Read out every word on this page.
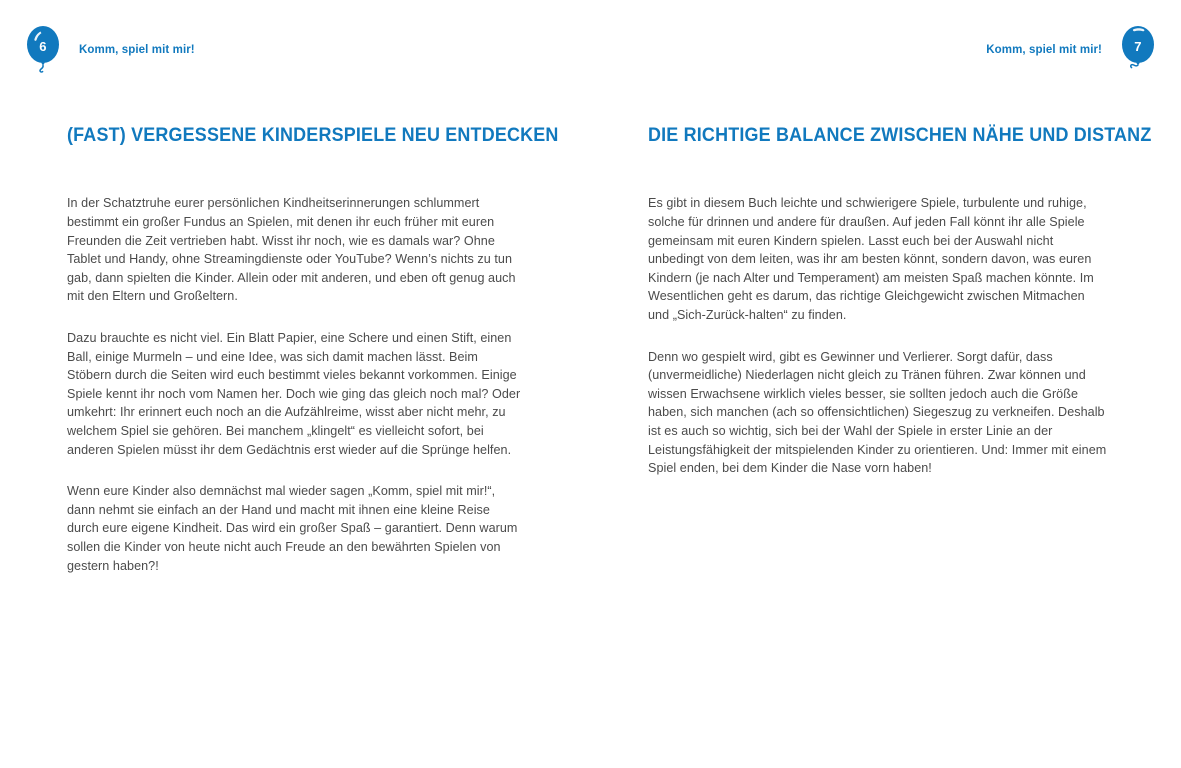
6	Komm, spiel mit mir!	Komm, spiel mit mir!	7
(FAST) VERGESSENE KINDERSPIELE NEU ENTDECKEN

In der Schatztruhe eurer persönlichen Kindheitserinnerungen schlummert bestimmt ein großer Fundus an Spielen, mit denen ihr euch früher mit euren Freunden die Zeit vertrieben habt. Wisst ihr noch, wie es damals war? Ohne Tablet und Handy, ohne Streamingdienste oder YouTube? Wenn’s nichts zu tun gab, dann spielten die Kinder. Allein oder mit anderen, und eben oft genug auch mit den Eltern und Großeltern.

Dazu brauchte es nicht viel. Ein Blatt Papier, eine Schere und einen Stift, einen Ball, einige Murmeln – und eine Idee, was sich damit machen lässt. Beim Stöbern durch die Seiten wird euch bestimmt vieles bekannt vorkommen. Einige Spiele kennt ihr noch vom Namen her. Doch wie ging das gleich noch mal? Oder umkehrt: Ihr erinnert euch noch an die Aufzählreime, wisst aber nicht mehr, zu welchem Spiel sie gehören. Bei manchem „klingelt“ es vielleicht sofort, bei anderen Spielen müsst ihr dem Gedächtnis erst wieder auf die Sprünge helfen.

Wenn eure Kinder also demnächst mal wieder sagen „Komm, spiel mit mir!“, dann nehmt sie einfach an der Hand und macht mit ihnen eine kleine Reise durch eure eigene Kindheit. Das wird ein großer Spaß – garantiert. Denn warum sollen die Kinder von heute nicht auch Freude an den bewährten Spielen von gestern haben?!

DIE RICHTIGE BALANCE ZWISCHEN NÄHE UND DISTANZ

Es gibt in diesem Buch leichte und schwierigere Spiele, turbulente und ruhige, solche für drinnen und andere für draußen. Auf jeden Fall könnt ihr alle Spiele gemeinsam mit euren Kindern spielen. Lasst euch bei der Auswahl nicht unbedingt von dem leiten, was ihr am besten könnt, sondern davon, was euren Kindern (je nach Alter und Temperament) am meisten Spaß machen könnte. Im Wesentlichen geht es darum, das richtige Gleichgewicht zwischen Mitmachen und „Sich-Zurück-halten“ zu finden.

Denn wo gespielt wird, gibt es Gewinner und Verlierer. Sorgt dafür, dass (unvermeidliche) Niederlagen nicht gleich zu Tränen führen. Zwar können und wissen Erwachsene wirklich vieles besser, sie sollten jedoch auch die Größe haben, sich manchen (ach so offensichtlichen) Siegeszug zu verkneifen. Deshalb ist es auch so wichtig, sich bei der Wahl der Spiele in erster Linie an der Leistungsfähigkeit der mitspielenden Kinder zu orientieren. Und: Immer mit einem Spiel enden, bei dem Kinder die Nase vorn haben!
